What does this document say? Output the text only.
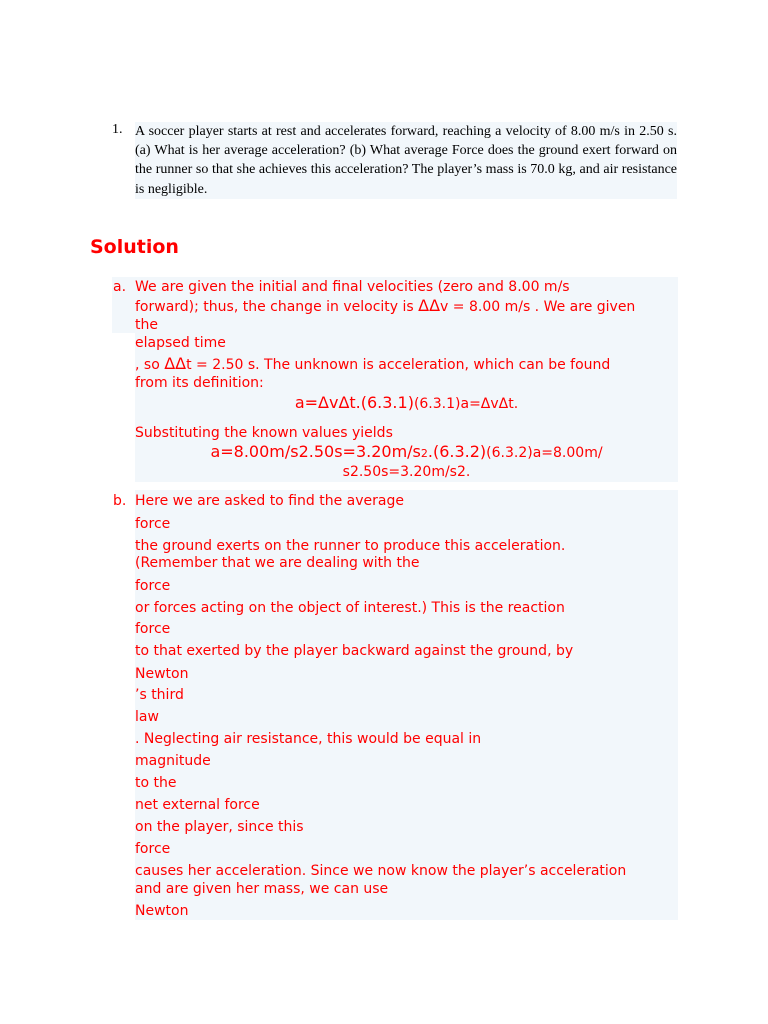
1. A soccer player starts at rest and accelerates forward, reaching a velocity of 8.00 m/s in 2.50 s. (a) What is her average acceleration? (b) What average Force does the ground exert forward on the runner so that she achieves this acceleration? The player’s mass is 70.0 kg, and air resistance is negligible.
Solution
a. We are given the initial and final velocities (zero and 8.00 m/s
forward); thus, the change in velocity is ΔΔv = 8.00 m/s . We are given
the
elapsed time
, so ΔΔt = 2.50 s. The unknown is acceleration, which can be found
from its definition:
a=ΔvΔt.(6.3.1)(6.3.1)a=ΔvΔt.
Substituting the known values yields
a=8.00m/s2.50s=3.20m/s2.(6.3.2)(6.3.2)a=8.00m/
s2.50s=3.20m/s2.
b. Here we are asked to find the average
force
the ground exerts on the runner to produce this acceleration.
(Remember that we are dealing with the
force
or forces acting on the object of interest.) This is the reaction
force
to that exerted by the player backward against the ground, by
Newton
’s third
law
. Neglecting air resistance, this would be equal in
magnitude
to the
net external force
on the player, since this
force
causes her acceleration. Since we now know the player’s acceleration
and are given her mass, we can use
Newton
